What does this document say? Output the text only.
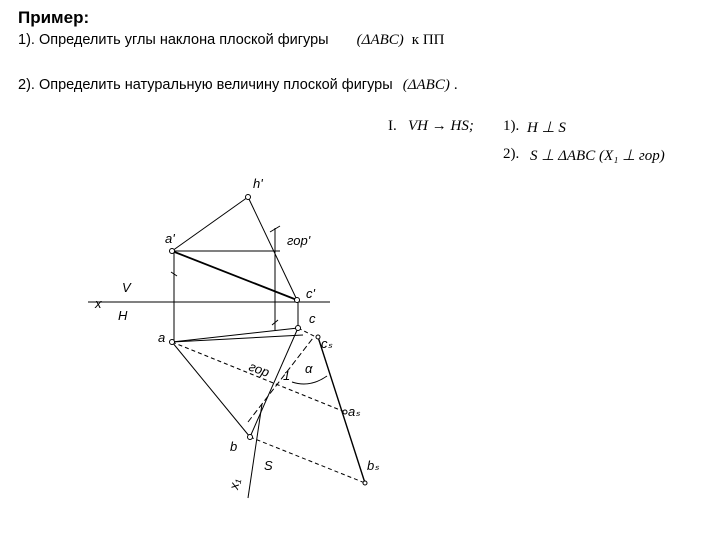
Пример:
1). Определить углы наклона плоской фигуры (ΔABC) к ПП
2). Определить натуральную величину плоской фигуры (ΔABC) .
I. VH → HS; 1). H ⊥ S
2). S ⊥ ΔABC (X₁ ⊥ гор)
h'
a'	гор'
c'
x
V
H
a
c
cₛ
гор 1 α
aₛ
b
bₛ
x₁
S
